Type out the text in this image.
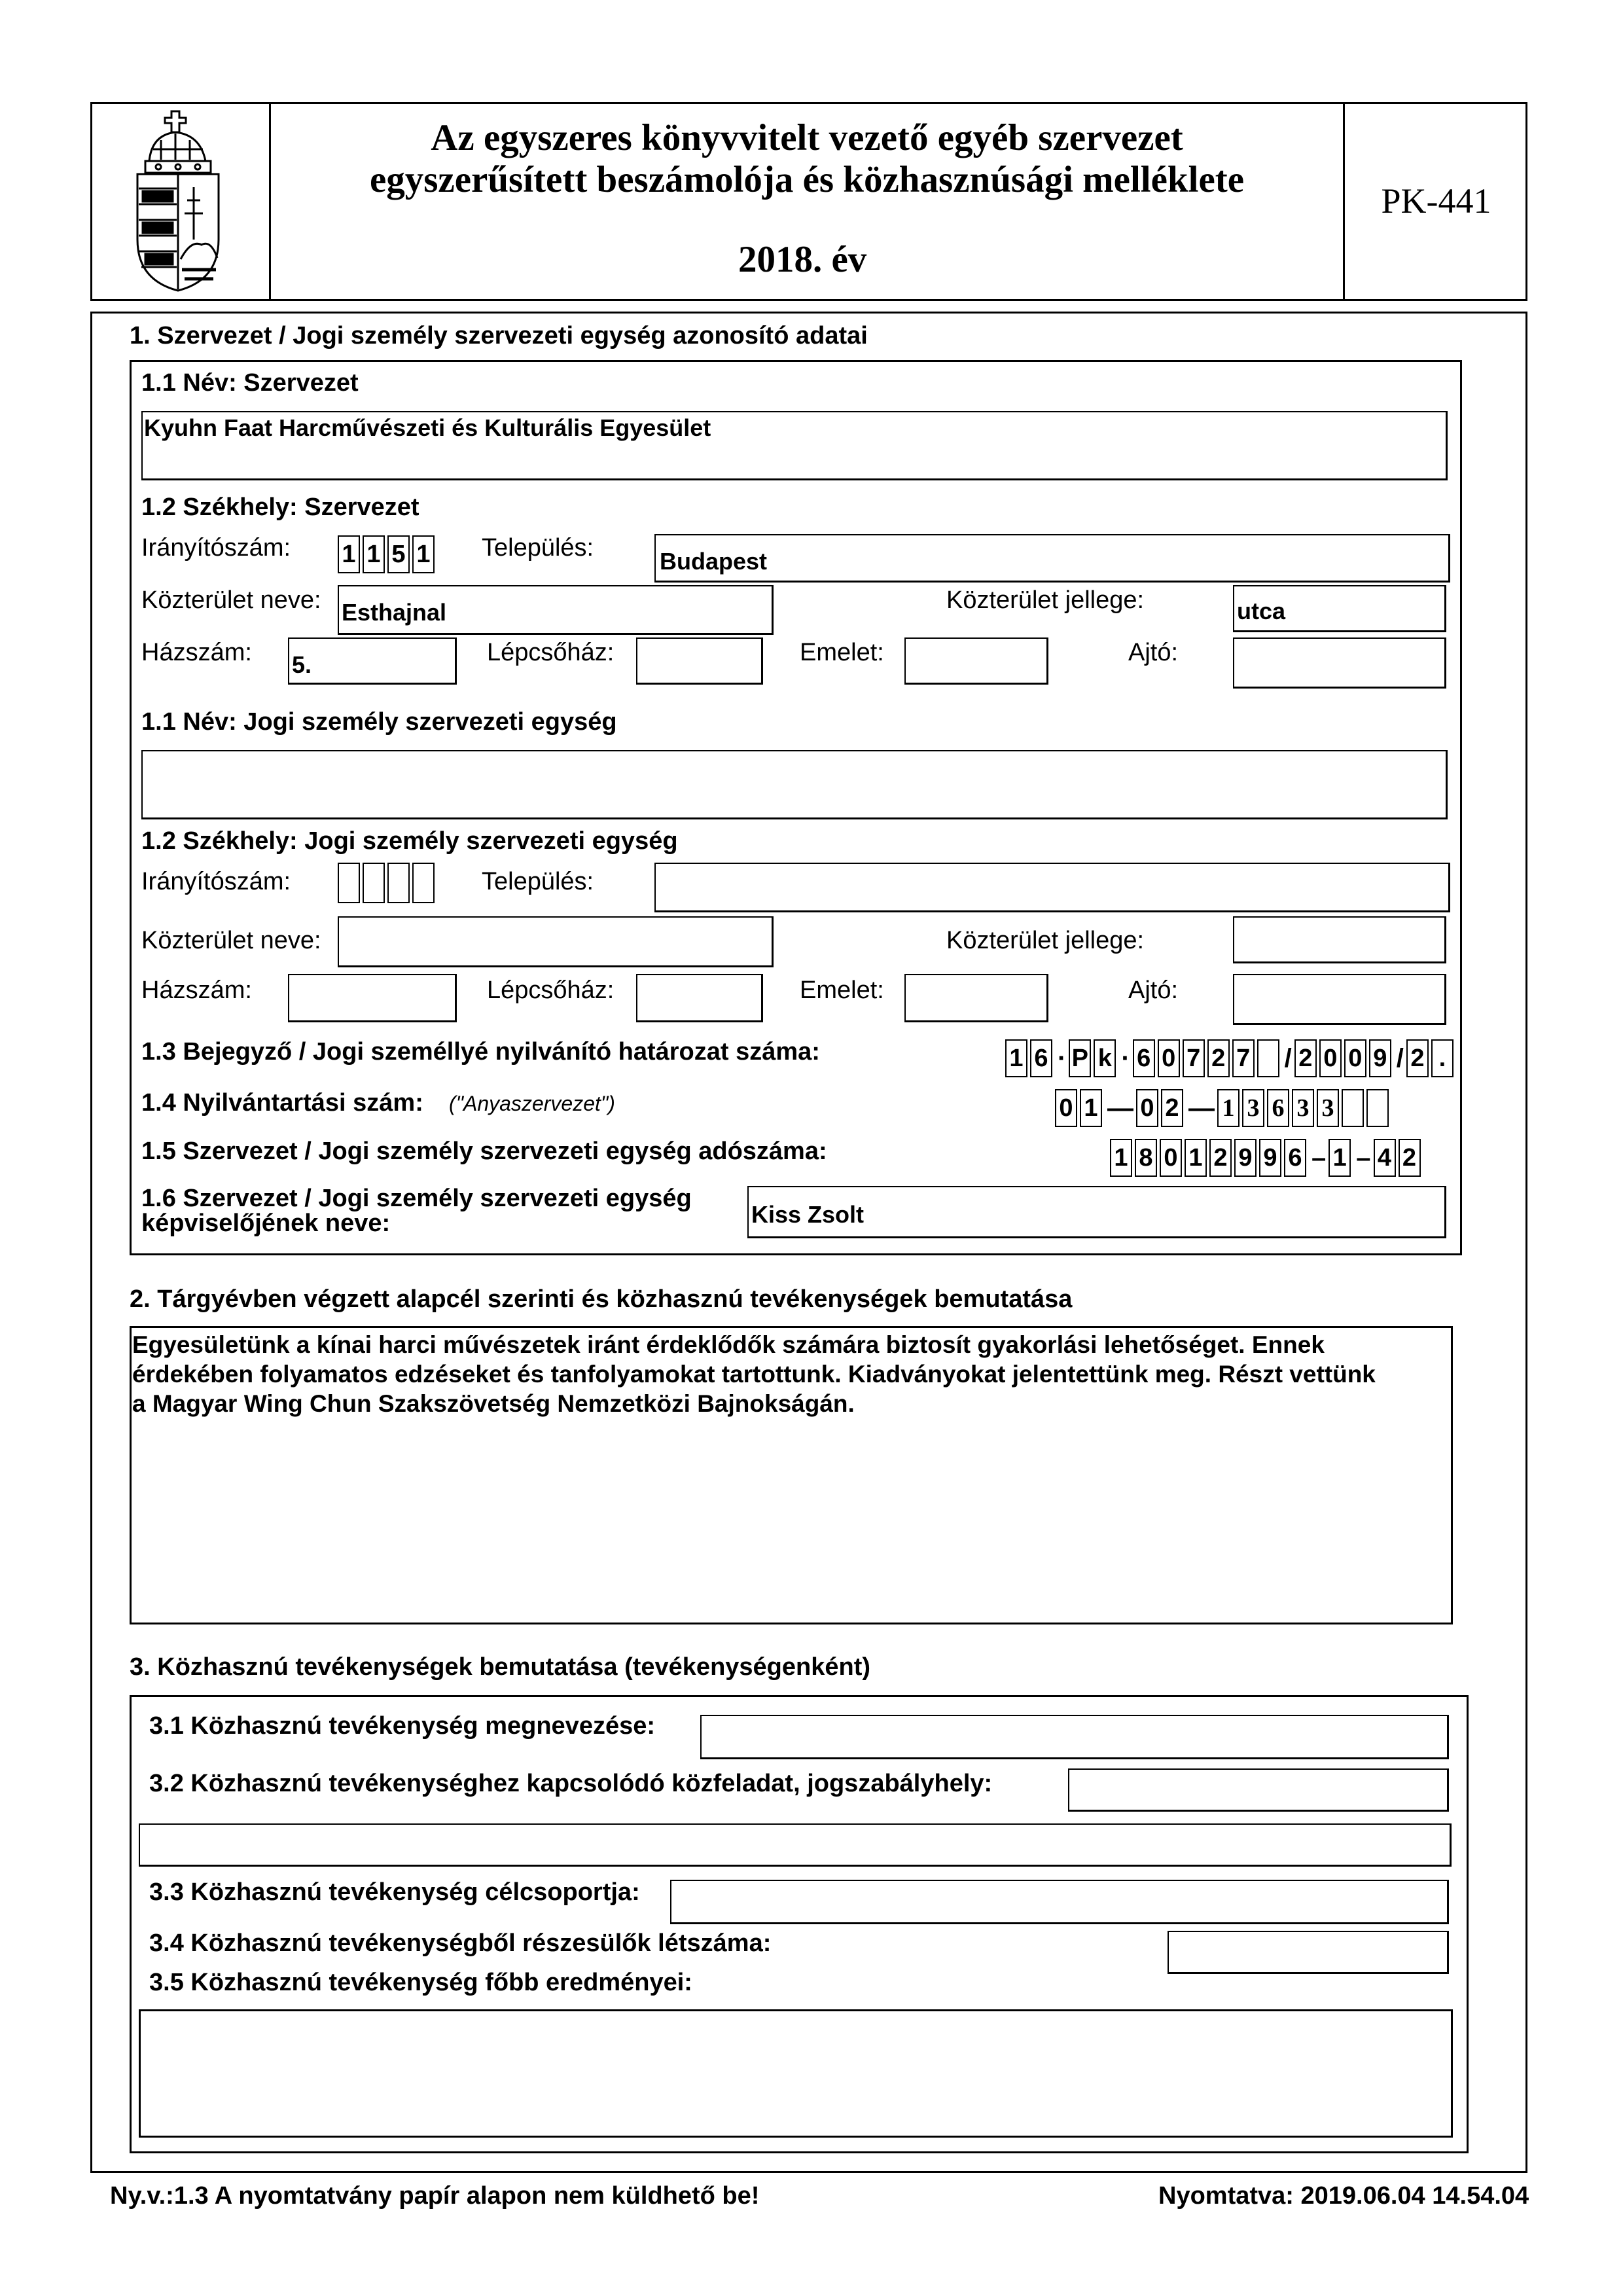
Az egyszeres könyvvitelt vezető egyéb szervezet
egyszerűsített beszámolója és közhasznúsági melléklete
2018. év
PK-441
1. Szervezet / Jogi személy szervezeti egység azonosító adatai
1.1 Név: Szervezet
Kyuhn Faat Harcművészeti és Kulturális Egyesület
1.2 Székhely: Szervezet
Irányítószám: 1 1 5 1 Település:	Budapest
Közterület neve: Esthajnal	Közterület jellege:	utca
Házszám: 5.	Lépcsőház:	Emelet:	Ajtó:
1.1 Név: Jogi személy szervezeti egység
1.2 Székhely: Jogi személy szervezeti egység
Irányítószám:	Település:
Közterület neve:	Közterület jellege:
Házszám:	Lépcsőház:	Emelet:	Ajtó:
1.3 Bejegyző / Jogi személlyé nyilvánító határozat száma:	1 6 · P k · 6 0 7 2 7 / 2 0 0 9 / 2 .
1.4 Nyilvántartási szám: ("Anyaszervezet")	0 1 — 0 2 — 1 3 6 3 3
1.5 Szervezet / Jogi személy szervezeti egység adószáma:	1 8 0 1 2 9 9 6 – 1 – 4 2
1.6 Szervezet / Jogi személy szervezeti egység
képviselőjének neve:	Kiss Zsolt
2. Tárgyévben végzett alapcél szerinti és közhasznú tevékenységek bemutatása
Egyesületünk a kínai harci művészetek iránt érdeklődők számára biztosít gyakorlási lehetőséget. Ennek
érdekében folyamatos edzéseket és tanfolyamokat tartottunk. Kiadványokat jelentettünk meg. Részt vettünk
a Magyar Wing Chun Szakszövetség Nemzetközi Bajnokságán.
3. Közhasznú tevékenységek bemutatása (tevékenységenként)
3.1 Közhasznú tevékenység megnevezése:
3.2 Közhasznú tevékenységhez kapcsolódó közfeladat, jogszabályhely:
3.3 Közhasznú tevékenység célcsoportja:
3.4 Közhasznú tevékenységből részesülők létszáma:
3.5 Közhasznú tevékenység főbb eredményei:
Ny.v.:1.3 A nyomtatvány papír alapon nem küldhető be!	Nyomtatva: 2019.06.04 14.54.04
